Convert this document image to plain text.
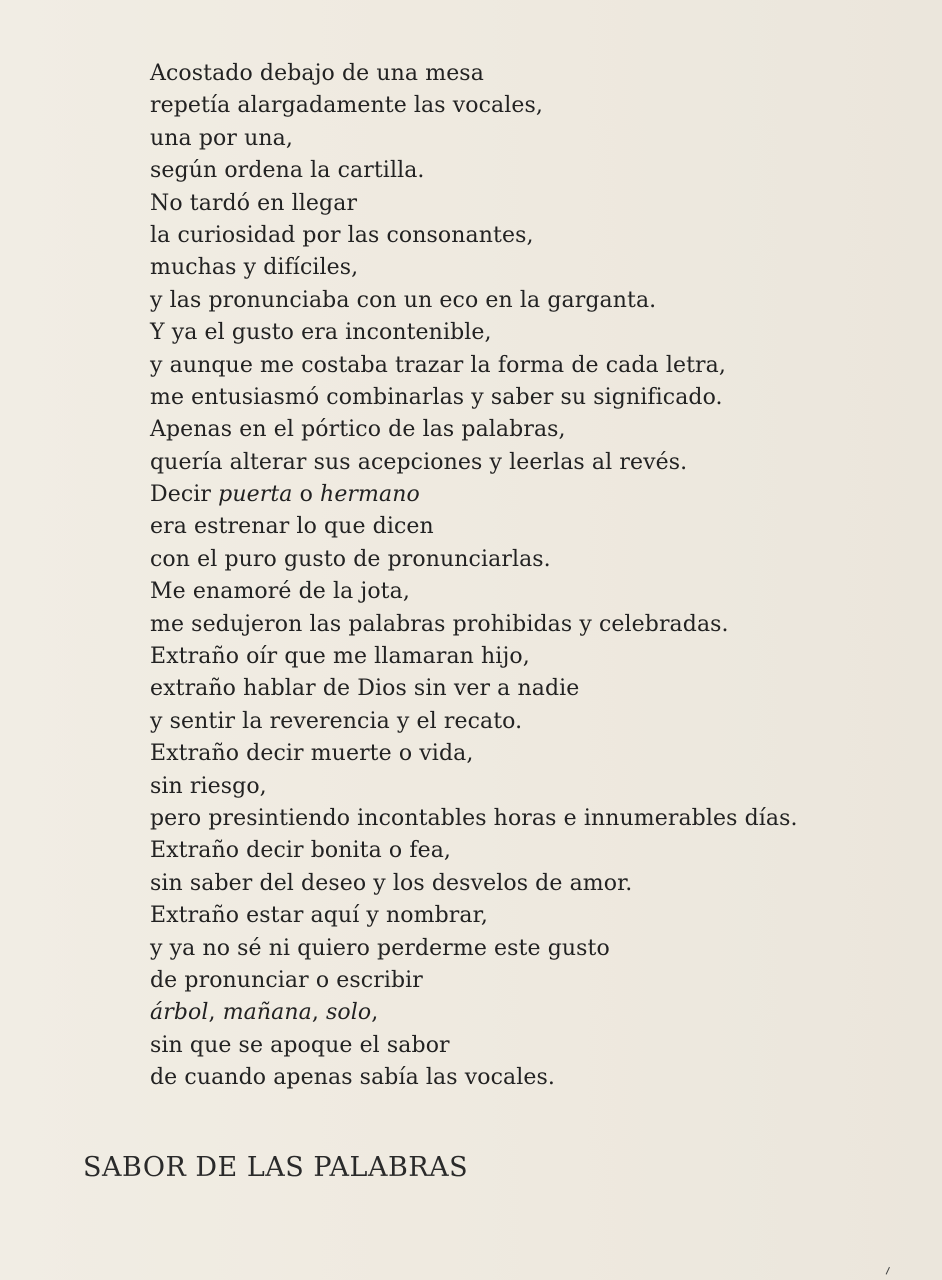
Acostado debajo de una mesa
repetía alargadamente las vocales,
una por una,
según ordena la cartilla.
No tardó en llegar
la curiosidad por las consonantes,
muchas y difíciles,
y las pronunciaba con un eco en la garganta.
Y ya el gusto era incontenible,
y aunque me costaba trazar la forma de cada letra,
me entusiasmó combinarlas y saber su significado.
Apenas en el pórtico de las palabras,
quería alterar sus acepciones y leerlas al revés.
Decir puerta o hermano
era estrenar lo que dicen
con el puro gusto de pronunciarlas.
Me enamoré de la jota,
me sedujeron las palabras prohibidas y celebradas.
Extraño oír que me llamaran hijo,
extraño hablar de Dios sin ver a nadie
y sentir la reverencia y el recato.
Extraño decir muerte o vida,
sin riesgo,
pero presintiendo incontables horas e innumerables días.
Extraño decir bonita o fea,
sin saber del deseo y los desvelos de amor.
Extraño estar aquí y nombrar,
y ya no sé ni quiero perderme este gusto
de pronunciar o escribir
árbol, mañana, solo,
sin que se apoque el sabor
de cuando apenas sabía las vocales.
SABOR DE LAS PALABRAS
